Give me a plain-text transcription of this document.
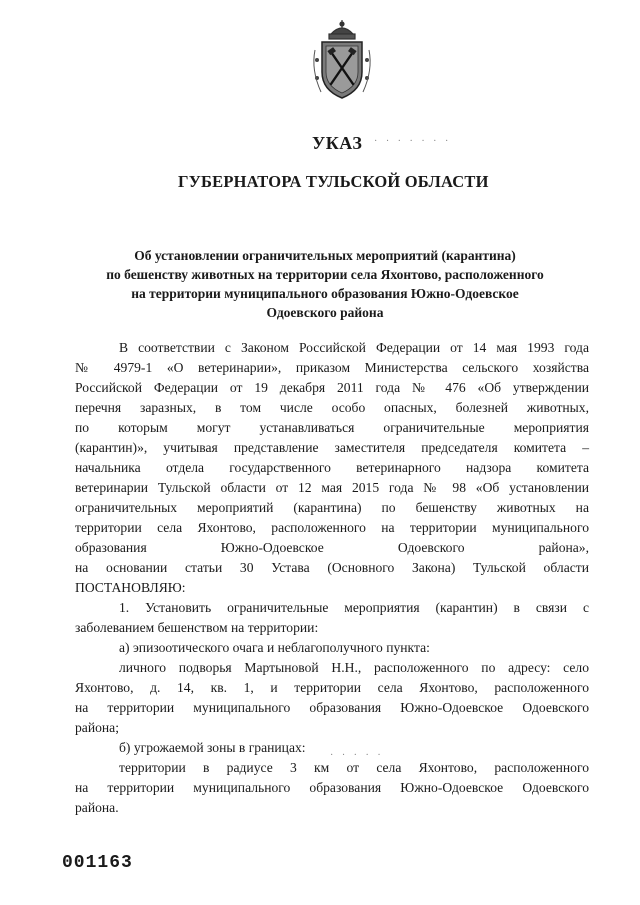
УКАЗ · · · · · · ·
ГУБЕРНАТОРА ТУЛЬСКОЙ ОБЛАСТИ
Об установлении ограничительных мероприятий (карантина)
по бешенству животных на территории села Яхонтово, расположенного
на территории муниципального образования Южно-Одоевское
Одоевского района
В соответствии с Законом Российской Федерации от 14 мая 1993 года
№ 4979-1 «О ветеринарии», приказом Министерства сельского хозяйства
Российской Федерации от 19 декабря 2011 года № 476 «Об утверждении
перечня заразных, в том числе особо опасных, болезней животных,
по которым могут устанавливаться ограничительные мероприятия
(карантин)», учитывая представление заместителя председателя комитета –
начальника отдела государственного ветеринарного надзора комитета
ветеринарии Тульской области от 12 мая 2015 года № 98 «Об установлении
ограничительных мероприятий (карантина) по бешенству животных на
территории села Яхонтово, расположенного на территории муниципального
образования Южно-Одоевское Одоевского района»,
на основании статьи 30 Устава (Основного Закона) Тульской области
ПОСТАНОВЛЯЮ:
1. Установить ограничительные мероприятия (карантин) в связи с
заболеванием бешенством на территории:
а) эпизоотического очага и неблагополучного пункта:
личного подворья Мартыновой Н.Н., расположенного по адресу: село
Яхонтово, д. 14, кв. 1, и территории села Яхонтово, расположенного
на территории муниципального образования Южно-Одоевское Одоевского
района;
б) угрожаемой зоны в границах:
территории в радиусе 3 км от села Яхонтово, расположенного
на территории муниципального образования Южно-Одоевское Одоевского
района.
· · · · ·
001163
